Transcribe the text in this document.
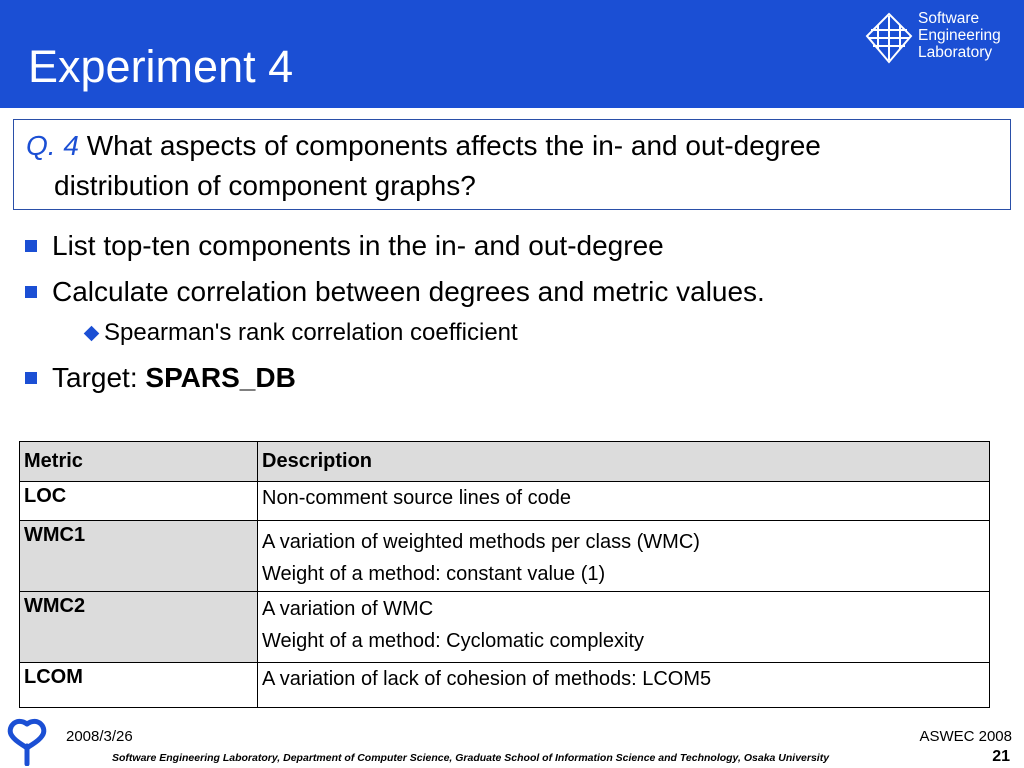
Experiment 4
Software
Engineering
Laboratory
Q. 4 What aspects of components affects the in- and out-degree
distribution of component graphs?
List top-ten components in the in- and out-degree
Calculate correlation between degrees and metric values.
Spearman's rank correlation coefficient
Target: SPARS_DB
Metric	Description
LOC	Non-comment source lines of code

WMC1	A variation of weighted methods per class (WMC)
Weight of a method: constant value (1)

WMC2	A variation of WMC
Weight of a method: Cyclomatic complexity

LCOM	A variation of lack of cohesion of methods: LCOM5
2008/3/26	ASWEC 2008
21
Software Engineering Laboratory, Department of Computer Science, Graduate School of Information Science and Technology, Osaka University
